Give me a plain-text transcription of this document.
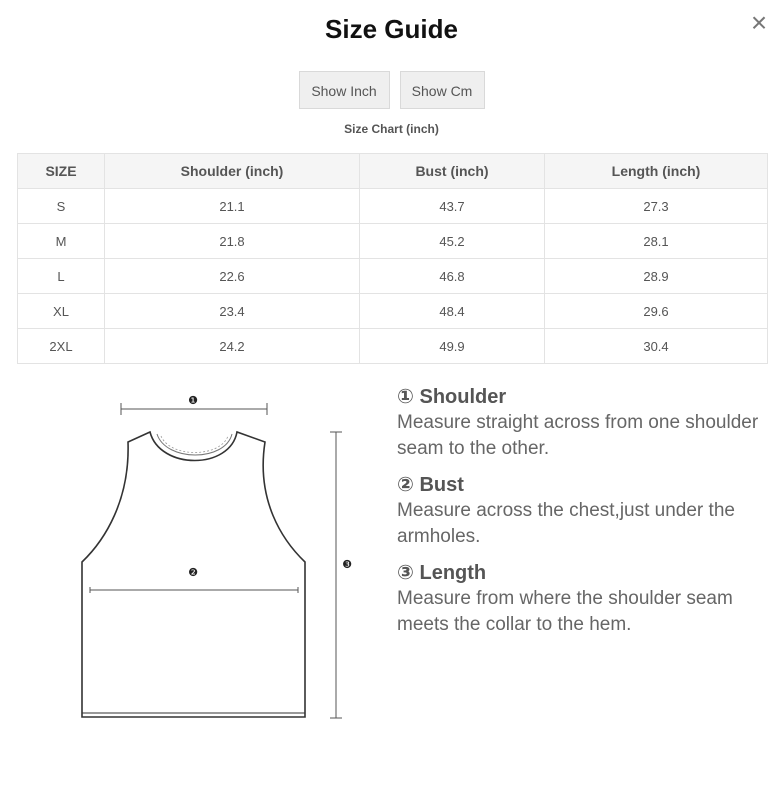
Size Guide	×
Show Inch	Show Cm
Size Chart (inch)
SIZE	Shoulder (inch)	Bust (inch)	Length (inch)
S	21.1	43.7	27.3
M	21.8	45.2	28.1
L	22.6	46.8	28.9
XL	23.4	48.4	29.6
2XL	24.2	49.9	30.4
❶
❷
❸
① Shoulder
Measure straight across from one shoulder seam to the other.
② Bust
Measure across the chest,just under the armholes.
③ Length
Measure from where the shoulder seam meets the collar to the hem.
